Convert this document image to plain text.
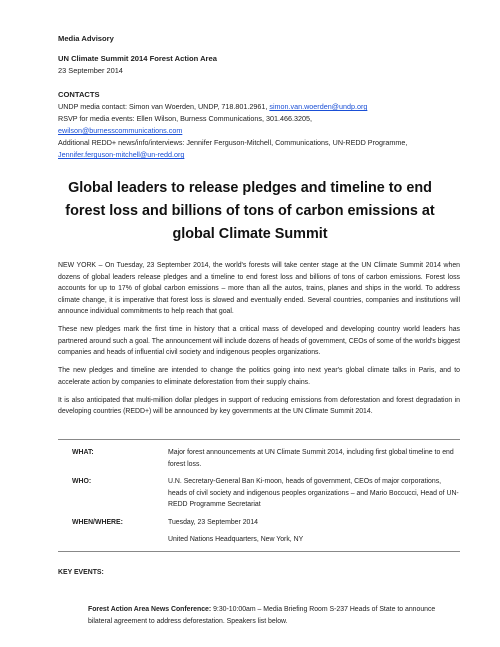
Media Advisory
UN Climate Summit 2014 Forest Action Area
23 September 2014
CONTACTS
UNDP media contact: Simon van Woerden, UNDP, 718.801.2961, simon.van.woerden@undp.org
RSVP for media events: Ellen Wilson, Burness Communications, 301.466.3205,
ewilson@burnesscommunications.com
Additional REDD+ news/info/interviews: Jennifer Ferguson-Mitchell, Communications, UN-REDD Programme,
Jennifer.ferguson-mitchell@un-redd.org
Global leaders to release pledges and timeline to end
forest loss and billions of tons of carbon emissions at
global Climate Summit

NEW YORK – On Tuesday, 23 September 2014, the world's forests will take center stage at the UN Climate Summit 2014 when dozens of global leaders release pledges and a timeline to end forest loss and billions of tons of carbon emissions. Forest loss accounts for up to 17% of global carbon emissions – more than all the autos, trains, planes and ships in the world. To address climate change, it is imperative that forest loss is slowed and eventually ended. Several countries, companies and institutions will announce individual commitments to help reach that goal.

These new pledges mark the first time in history that a critical mass of developed and developing country world leaders has partnered around such a goal. The announcement will include dozens of heads of government, CEOs of some of the world's biggest companies and heads of influential civil society and indigenous peoples organizations.

The new pledges and timeline are intended to change the politics going into next year's global climate talks in Paris, and to accelerate action by companies to eliminate deforestation from their supply chains.

It is also anticipated that multi-million dollar pledges in support of reducing emissions from deforestation and forest degradation in developing countries (REDD+) will be announced by key governments at the UN Climate Summit 2014.

WHAT:	Major forest announcements at UN Climate Summit 2014, including first global timeline to end forest loss.
WHO:	U.N. Secretary-General Ban Ki-moon, heads of government, CEOs of major corporations, heads of civil society and indigenous peoples organizations – and Mario Boccucci, Head of UN-REDD Programme Secretariat
WHEN/WHERE:	Tuesday, 23 September 2014
United Nations Headquarters, New York, NY
KEY EVENTS:
Forest Action Area News Conference: 9:30-10:00am – Media Briefing Room S-237 Heads of State to announce bilateral agreement to address deforestation. Speakers list below.
